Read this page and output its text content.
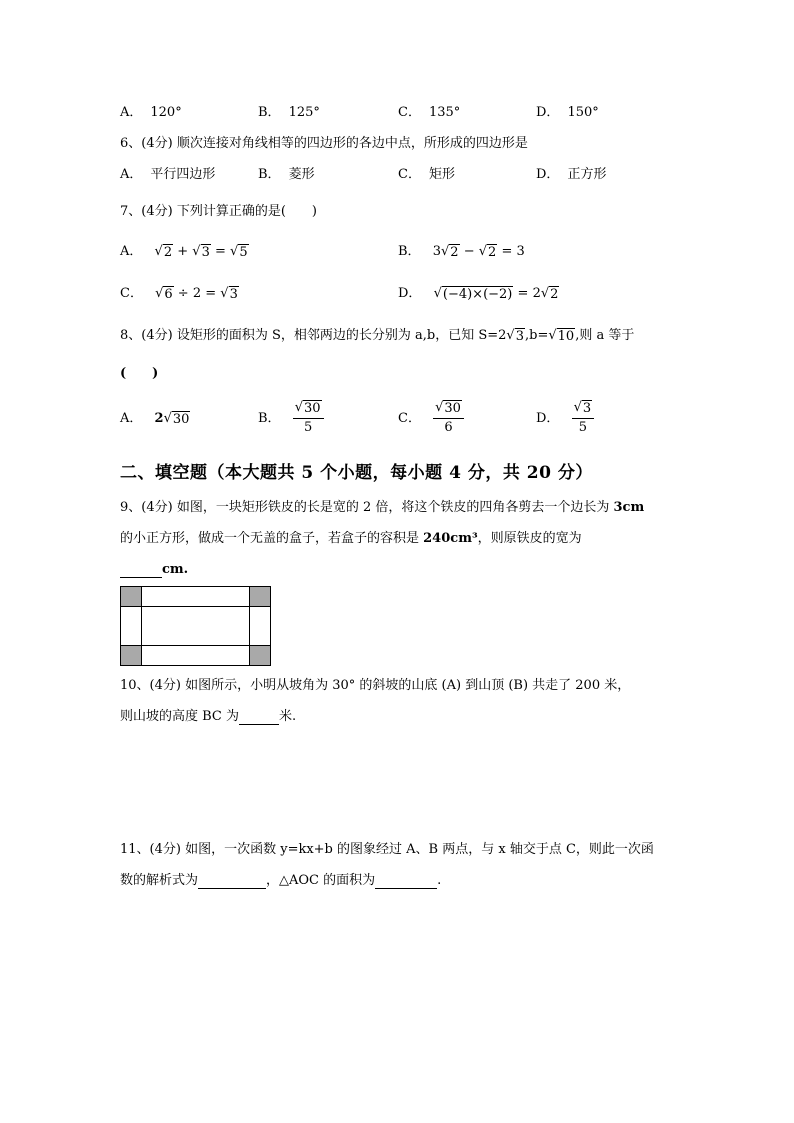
A． 120°	B． 125°	C． 135°	D． 150°
6、(4分) 顺次连接对角线相等的四边形的各边中点，所形成的四边形是
A． 平行四边形	B． 菱形	C． 矩形	D． 正方形
7、(4分) 下列计算正确的是(　　)
A． √ 2 + √ 3 = √ 5	B． 3√ 2 − √ 2 = 3
C． √ 6 ÷ 2 = √ 3	D． √ (−4)×(−2) = 2√ 2
8、(4分) 设矩形的面积为 S，相邻两边的长分别为 a,b，已知 S=2√ 3 ,b=√ 10 ,则 a 等于
(　　)
A． 2√ 30	B． $\frac{√ 30}{5}$	C． $\frac{√ 30}{6}$	D． $\frac{√ 3}{5}$
二、填空题（本大题共 5 个小题，每小题 4 分，共 20 分）
9、(4分) 如图，一块矩形铁皮的长是宽的 2 倍，将这个铁皮的四角各剪去一个边长为 3cm
的小正方形，做成一个无盖的盒子，若盒子的容积是 240cm³，则原铁皮的宽为
cm.
10、(4分) 如图所示，小明从坡角为 30° 的斜坡的山底 (A) 到山顶 (B) 共走了 200 米，
则山坡的高度 BC 为	米.
11、(4分) 如图，一次函数 y=kx+b 的图象经过 A、B 两点，与 x 轴交于点 C，则此一次函
数的解析式为	，△AOC 的面积为	.
